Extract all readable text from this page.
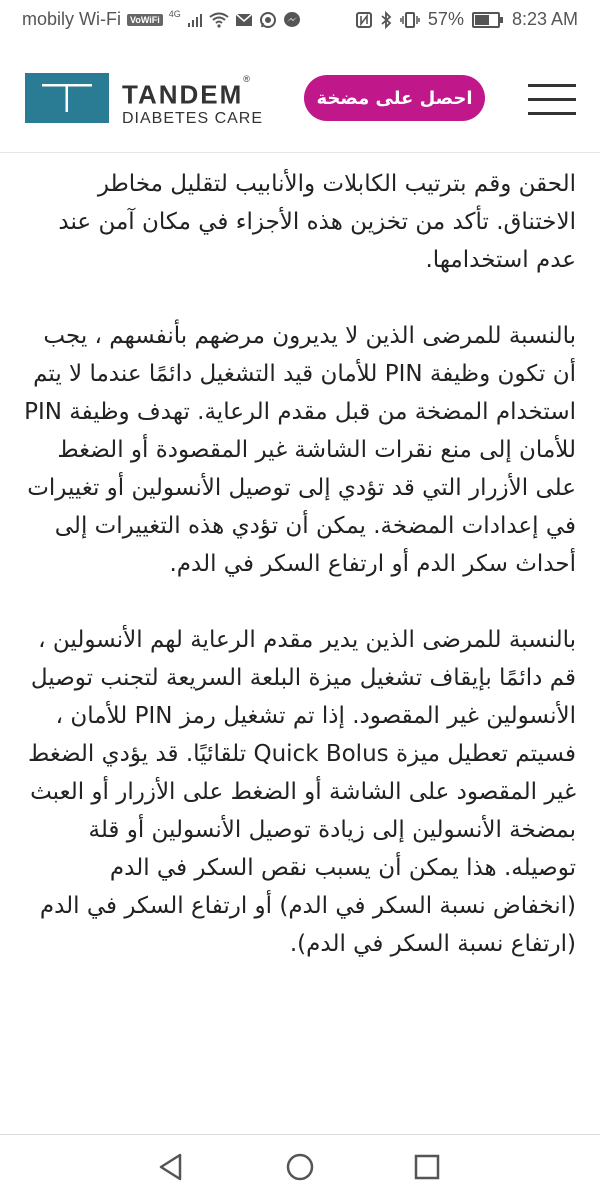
mobily Wi-Fi	VoWiFi
4G	57%	8:23 AM
TANDEM®
DIABETES CARE
احصل على مضخة

الحقن وقم بترتيب الكابلات والأنابيب لتقليل مخاطر الاختناق. تأكد من تخزين هذه الأجزاء في مكان آمن عند عدم استخدامها.

بالنسبة للمرضى الذين لا يديرون مرضهم بأنفسهم ، يجب أن تكون وظيفة PIN للأمان قيد التشغيل دائمًا عندما لا يتم استخدام المضخة من قبل مقدم الرعاية. تهدف وظيفة PIN للأمان إلى منع نقرات الشاشة غير المقصودة أو الضغط على الأزرار التي قد تؤدي إلى توصيل الأنسولين أو تغييرات في إعدادات المضخة. يمكن أن تؤدي هذه التغييرات إلى أحداث سكر الدم أو ارتفاع السكر في الدم.

بالنسبة للمرضى الذين يدير مقدم الرعاية لهم الأنسولين ، قم دائمًا بإيقاف تشغيل ميزة البلعة السريعة لتجنب توصيل الأنسولين غير المقصود. إذا تم تشغيل رمز PIN للأمان ، فسيتم تعطيل ميزة Quick Bolus تلقائيًا. قد يؤدي الضغط غير المقصود على الشاشة أو الضغط على الأزرار أو العبث بمضخة الأنسولين إلى زيادة توصيل الأنسولين أو قلة توصيله. هذا يمكن أن يسبب نقص السكر في الدم (انخفاض نسبة السكر في الدم) أو ارتفاع السكر في الدم (ارتفاع نسبة السكر في الدم).
